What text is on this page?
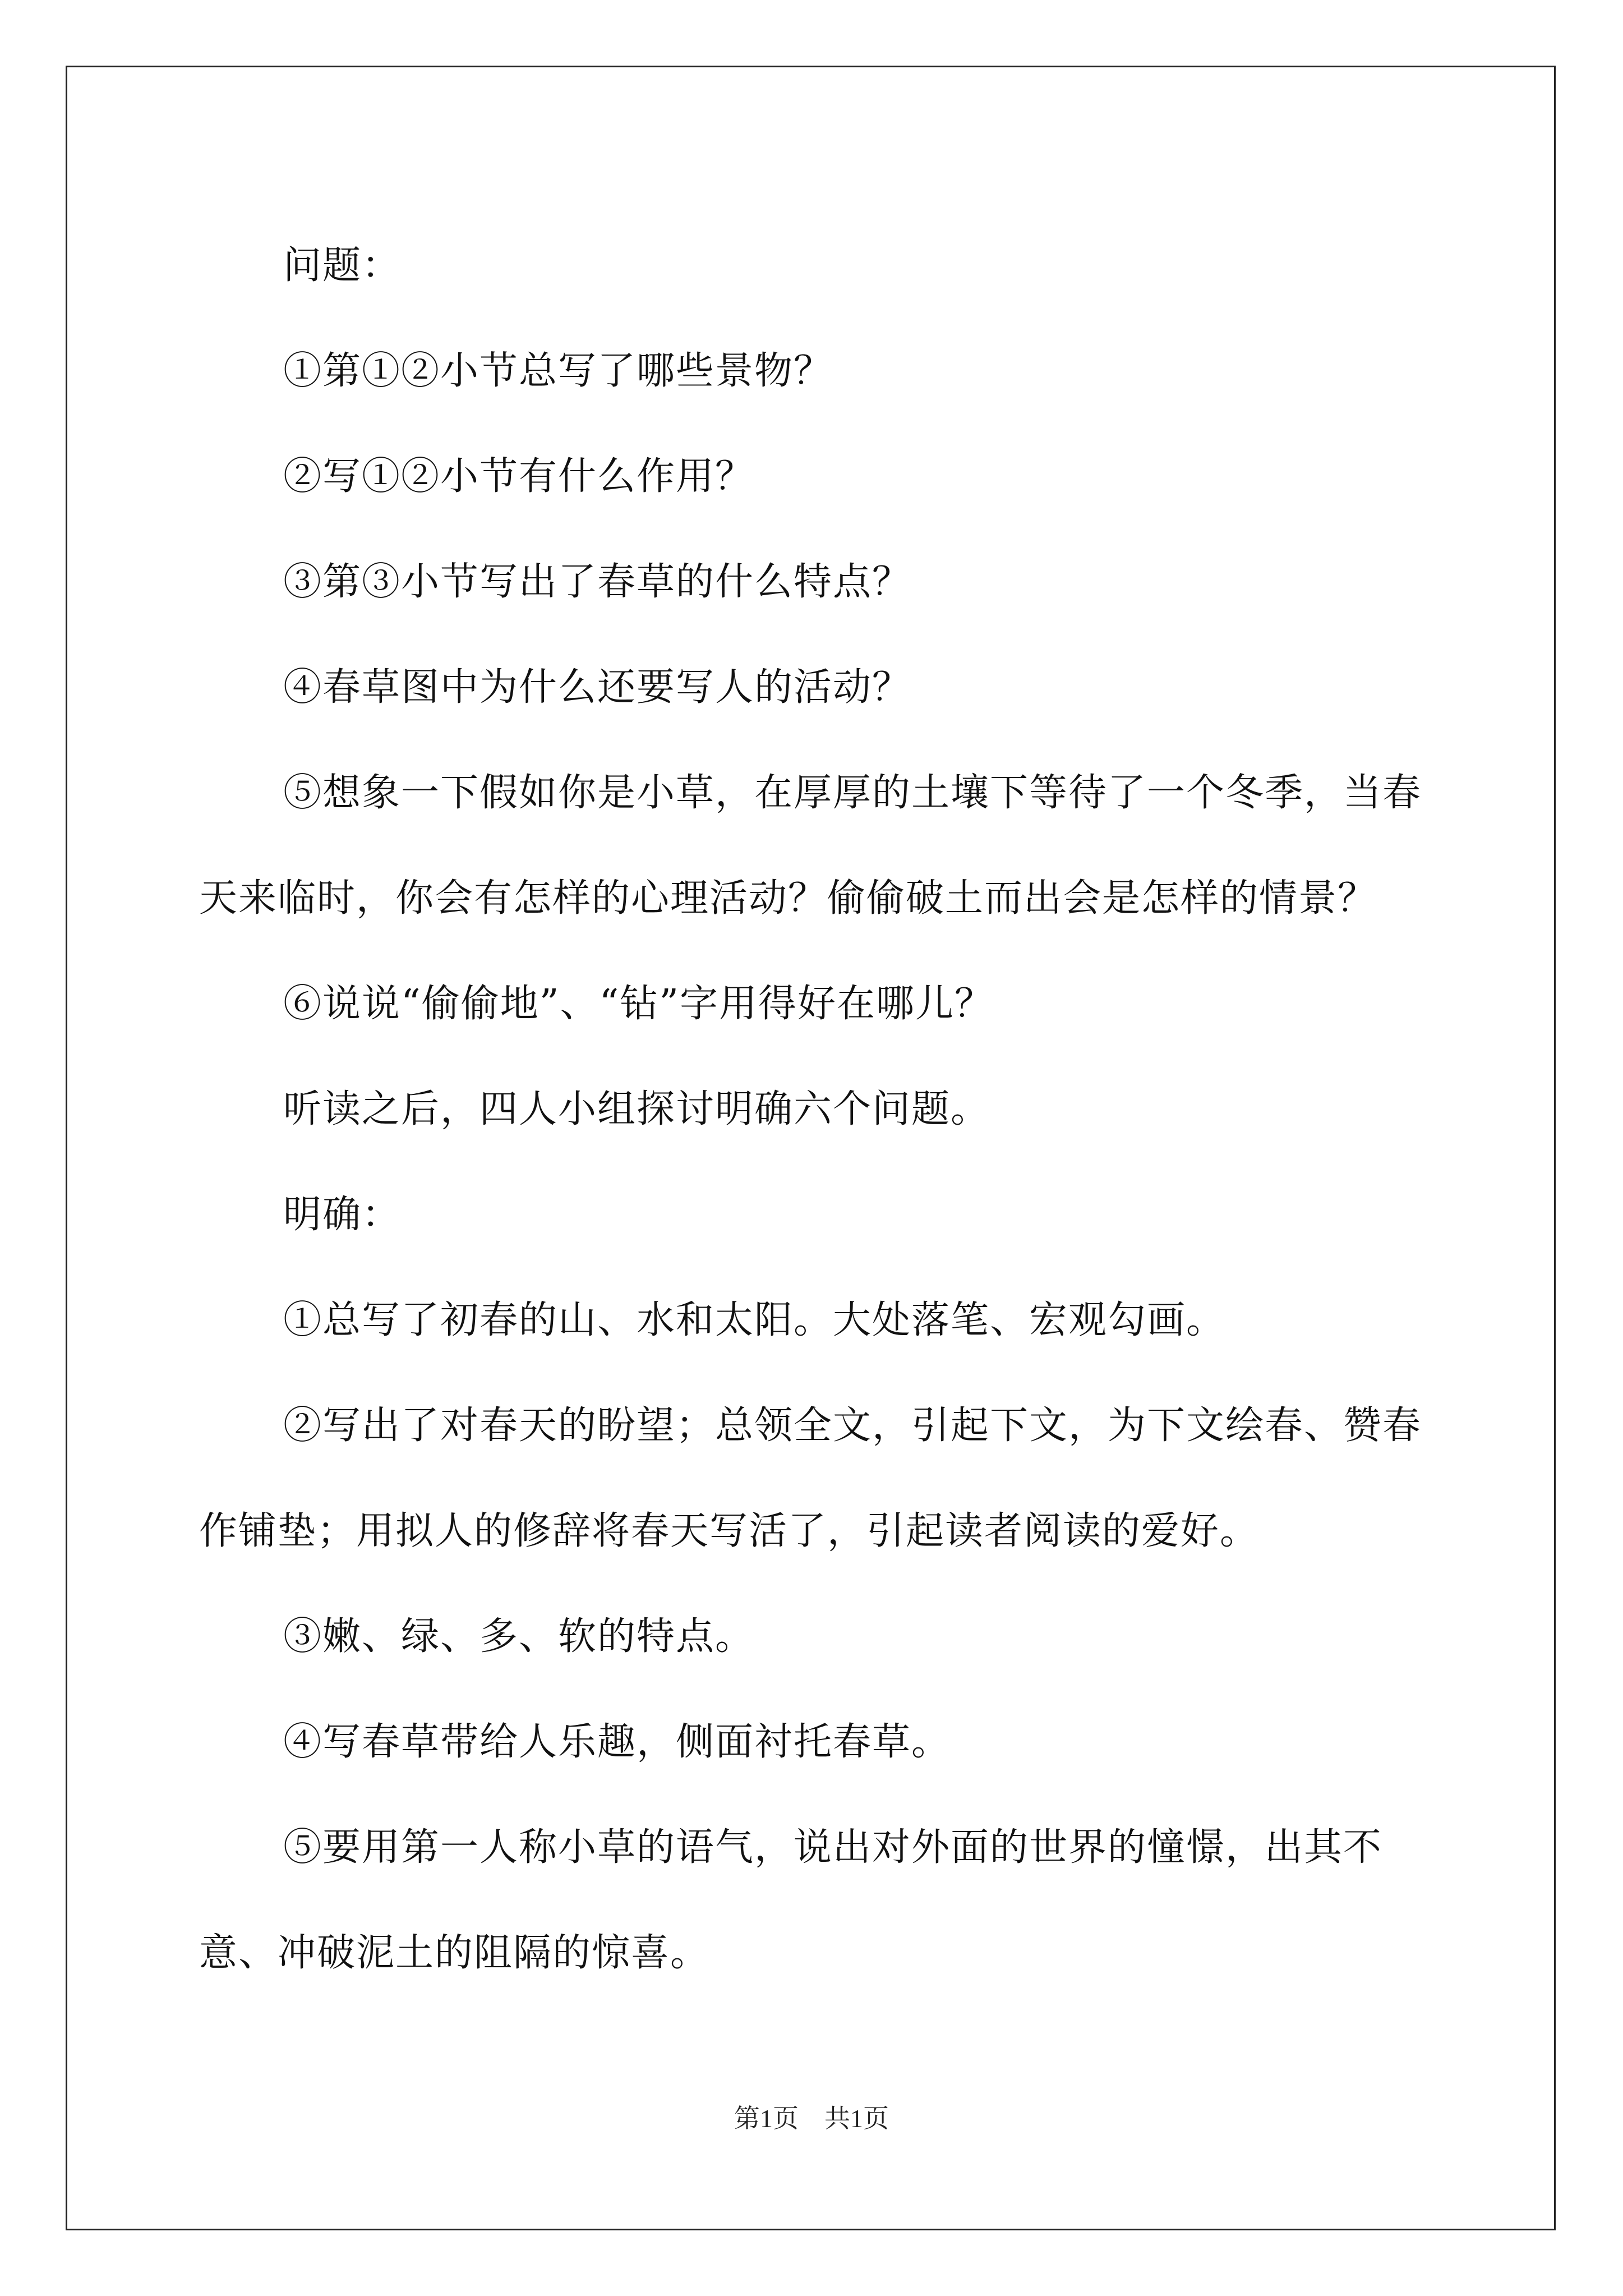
问题：

①第①②小节总写了哪些景物？

②写①②小节有什么作用？

③第③小节写出了春草的什么特点？

④春草图中为什么还要写人的活动？

⑤想象一下假如你是小草，在厚厚的土壤下等待了一个冬季，当春天来临时，你会有怎样的心理活动？偷偷破土而出会是怎样的情景？

⑥说说“偷偷地”、“钻”字用得好在哪儿？

听读之后，四人小组探讨明确六个问题。

明确：

①总写了初春的山、水和太阳。大处落笔、宏观勾画。

②写出了对春天的盼望；总领全文，引起下文，为下文绘春、赞春作铺垫；用拟人的修辞将春天写活了，引起读者阅读的爱好。

③嫩、绿、多、软的特点。

④写春草带给人乐趣，侧面衬托春草。

⑤要用第一人称小草的语气，说出对外面的世界的憧憬，出其不意、冲破泥土的阻隔的惊喜。

第1页　共1页
